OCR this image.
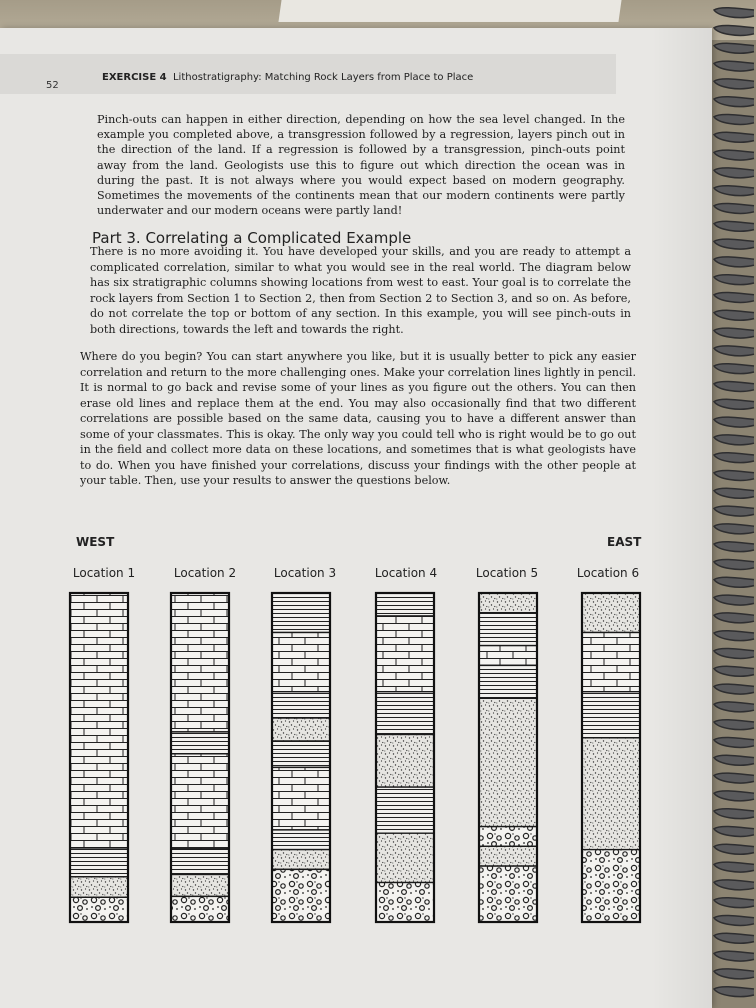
52
EXERCISE 4 Lithostratigraphy: Matching Rock Layers from Place to Place

Pinch-outs can happen in either direction, depending on how the sea level changed. In the example you completed above, a transgression followed by a regression, layers pinch out in the direction of the land. If a regression is followed by a transgression, pinch-outs point away from the land. Geologists use this to figure out which direction the ocean was in during the past. It is not always where you would expect based on modern geography. Sometimes the movements of the continents mean that our modern continents were partly underwater and our modern oceans were partly land!

Part 3. Correlating a Complicated Example

There is no more avoiding it. You have developed your skills, and you are ready to attempt a complicated correlation, similar to what you would see in the real world. The diagram below has six stratigraphic columns showing locations from west to east. Your goal is to correlate the rock layers from Section 1 to Section 2, then from Section 2 to Section 3, and so on. As before, do not correlate the top or bottom of any section. In this example, you will see pinch-outs in both directions, towards the left and towards the right.

Where do you begin? You can start anywhere you like, but it is usually better to pick any easier correlation and return to the more challenging ones. Make your correlation lines lightly in pencil. It is normal to go back and revise some of your lines as you figure out the others. You can then erase old lines and replace them at the end. You may also occasionally find that two different correlations are possible based on the same data, causing you to have a different answer than some of your classmates. This is okay. The only way you could tell who is right would be to go out in the field and collect more data on these locations, and sometimes that is what geologists have to do. When you have finished your correlations, discuss your findings with the other people at your table. Then, use your results to answer the questions below.

WEST	EAST
Location 1	Location 2	Location 3	Location 4	Location 5	Location 6
